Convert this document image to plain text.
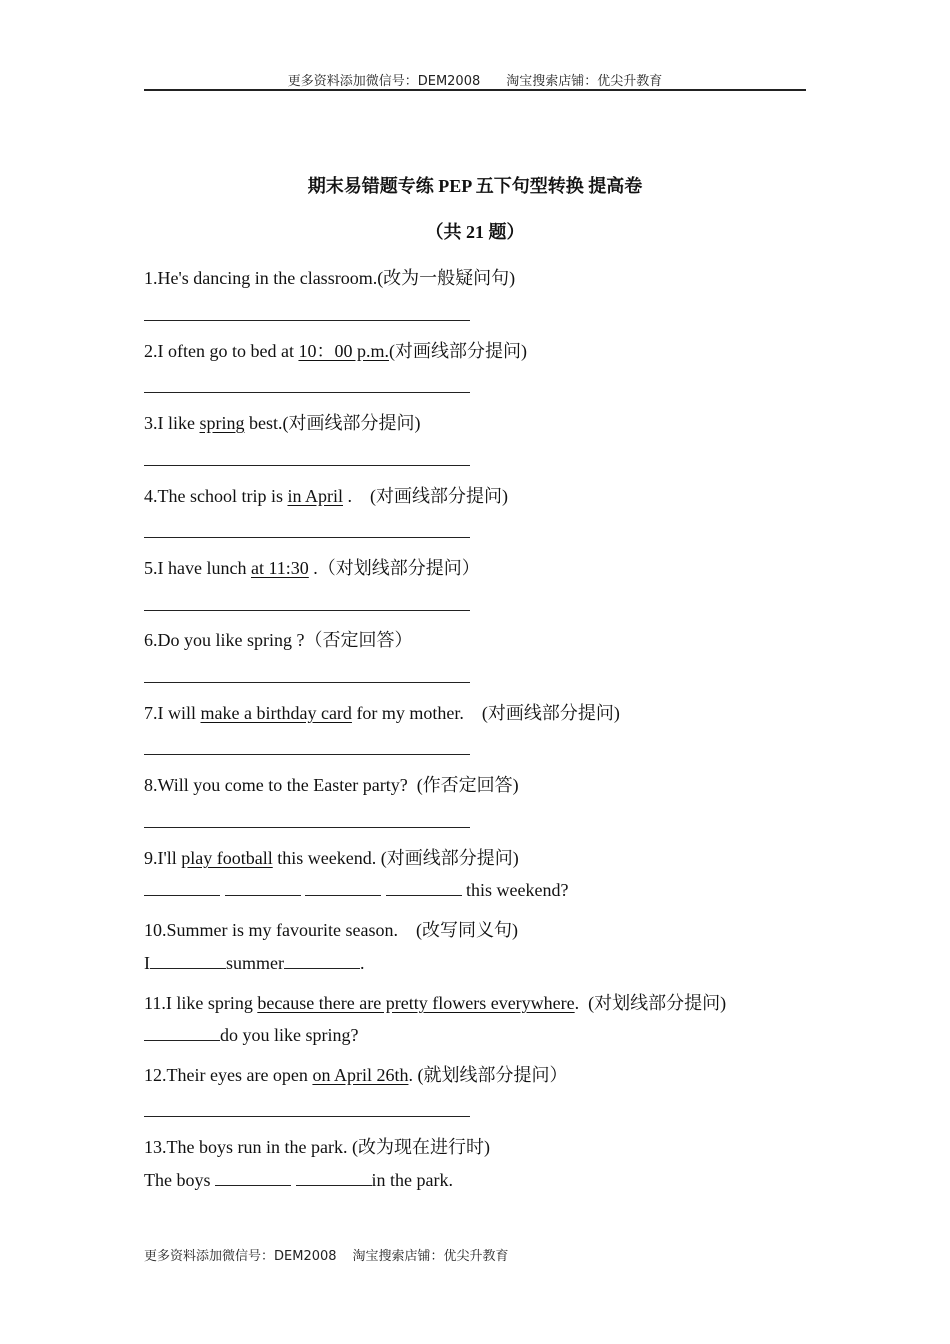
更多资料添加微信号：DEM2008 淘宝搜索店铺：优尖升教育
期末易错题专练 PEP 五下句型转换 提高卷
（共 21 题）
1.He's dancing in the classroom.(改为一般疑问句)
2.I often go to bed at 10：00 p.m.(对画线部分提问)
3.I like spring best.(对画线部分提问)
4.The school trip is in April .    (对画线部分提问)
5.I have lunch at 11:30 .（对划线部分提问）
6.Do you like spring ?（否定回答）
7.I will make a birthday card for my mother.    (对画线部分提问)
8.Will you come to the Easter party?  (作否定回答)
9.I'll play football this weekend. (对画线部分提问)
this weekend?
10.Summer is my favourite season.    (改写同义句)
I	summer	.
11.I like spring because there are pretty flowers everywhere.  (对划线部分提问)
do you like spring?
12.Their eyes are open on April 26th. (就划线部分提问）
13.The boys run in the park. (改为现在进行时)
The boys	in the park.
更多资料添加微信号：DEM2008 淘宝搜索店铺：优尖升教育
